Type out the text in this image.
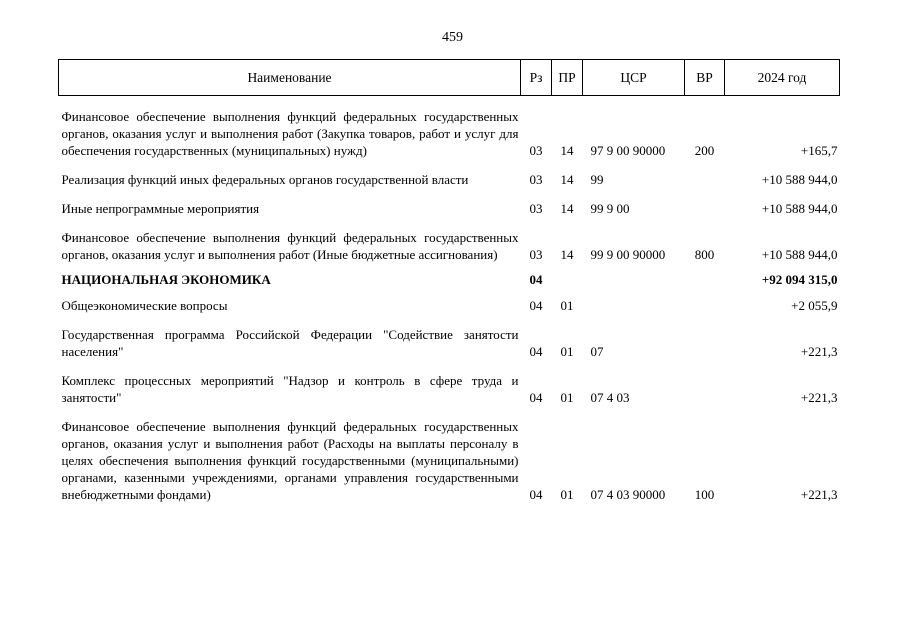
459
Наименование	Рз	ПР	ЦСР	ВР	2024 год

Финансовое обеспечение выполнения функций федеральных государственных органов, оказания услуг и выполнения работ (Закупка товаров, работ и услуг для обеспечения государственных (муниципальных) нужд)	03	14	97 9 00 90000	200	+165,7

Реализация функций иных федеральных органов государственной власти	03	14	99		+10 588 944,0

Иные непрограммные мероприятия	03	14	99 9 00		+10 588 944,0

Финансовое обеспечение выполнения функций федеральных государственных органов, оказания услуг и выполнения работ (Иные бюджетные ассигнования)	03	14	99 9 00 90000	800	+10 588 944,0

НАЦИОНАЛЬНАЯ ЭКОНОМИКА	04				+92 094 315,0

Общеэкономические вопросы	04	01			+2 055,9

Государственная программа Российской Федерации "Содействие занятости населения"	04	01	07		+221,3

Комплекс процессных мероприятий "Надзор и контроль в сфере труда и занятости"	04	01	07 4 03		+221,3

Финансовое обеспечение выполнения функций федеральных государственных органов, оказания услуг и выполнения работ (Расходы на выплаты персоналу в целях обеспечения выполнения функций государственными (муниципальными) органами, казенными учреждениями, органами управления государственными внебюджетными фондами)	04	01	07 4 03 90000	100	+221,3
